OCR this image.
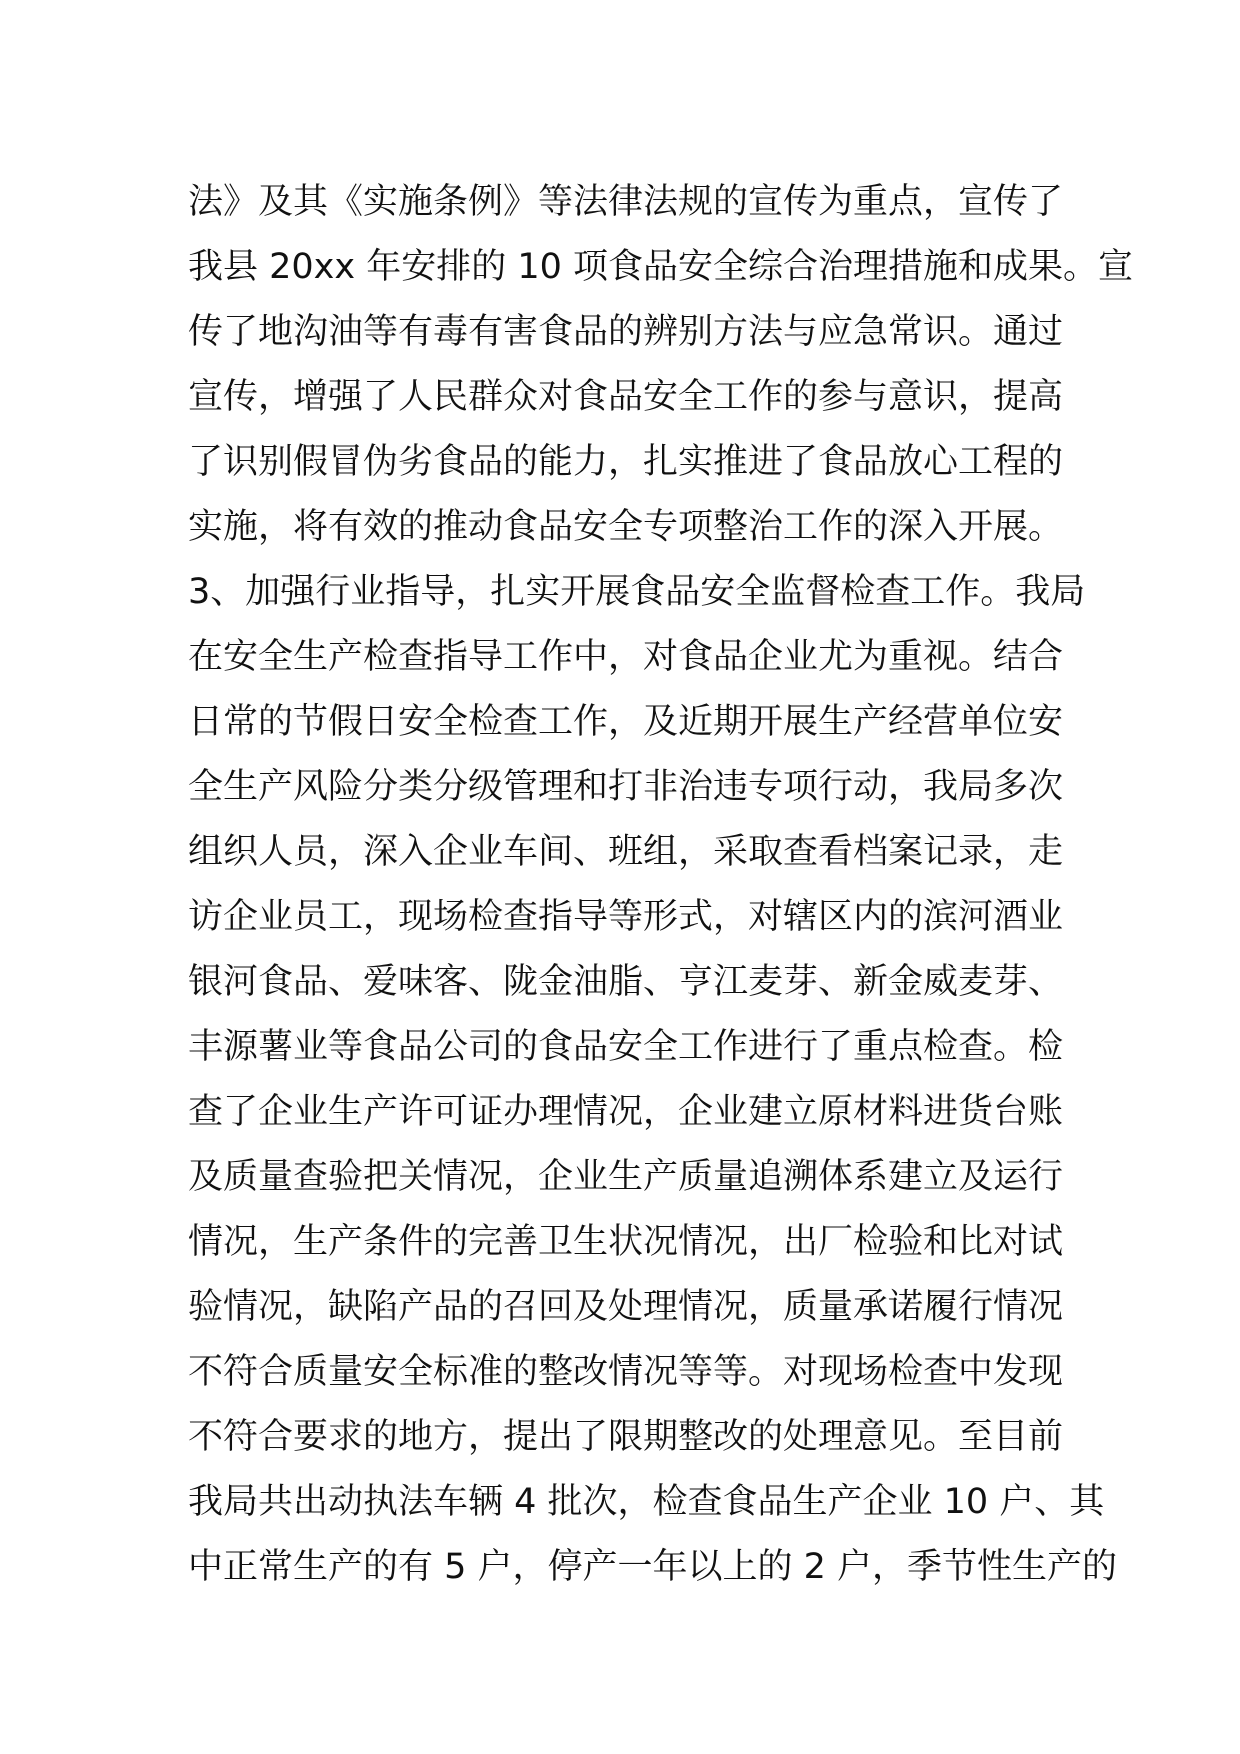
法》及其《实施条例》等法律法规的宣传为重点，宣传了
我县 20xx 年安排的 10 项食品安全综合治理措施和成果。宣
传了地沟油等有毒有害食品的辨别方法与应急常识。通过
宣传，增强了人民群众对食品安全工作的参与意识，提高
了识别假冒伪劣食品的能力，扎实推进了食品放心工程的
实施，将有效的推动食品安全专项整治工作的深入开展。
3、加强行业指导，扎实开展食品安全监督检查工作。我局
在安全生产检查指导工作中，对食品企业尤为重视。结合
日常的节假日安全检查工作，及近期开展生产经营单位安
全生产风险分类分级管理和打非治违专项行动，我局多次
组织人员，深入企业车间、班组，采取查看档案记录，走
访企业员工，现场检查指导等形式，对辖区内的滨河酒业
银河食品、爱味客、陇金油脂、亨江麦芽、新金威麦芽、
丰源薯业等食品公司的食品安全工作进行了重点检查。检
查了企业生产许可证办理情况，企业建立原材料进货台账
及质量查验把关情况，企业生产质量追溯体系建立及运行
情况，生产条件的完善卫生状况情况，出厂检验和比对试
验情况，缺陷产品的召回及处理情况，质量承诺履行情况
不符合质量安全标准的整改情况等等。对现场检查中发现
不符合要求的地方，提出了限期整改的处理意见。至目前
我局共出动执法车辆 4 批次，检查食品生产企业 10 户、其
中正常生产的有 5 户，停产一年以上的 2 户，季节性生产的
